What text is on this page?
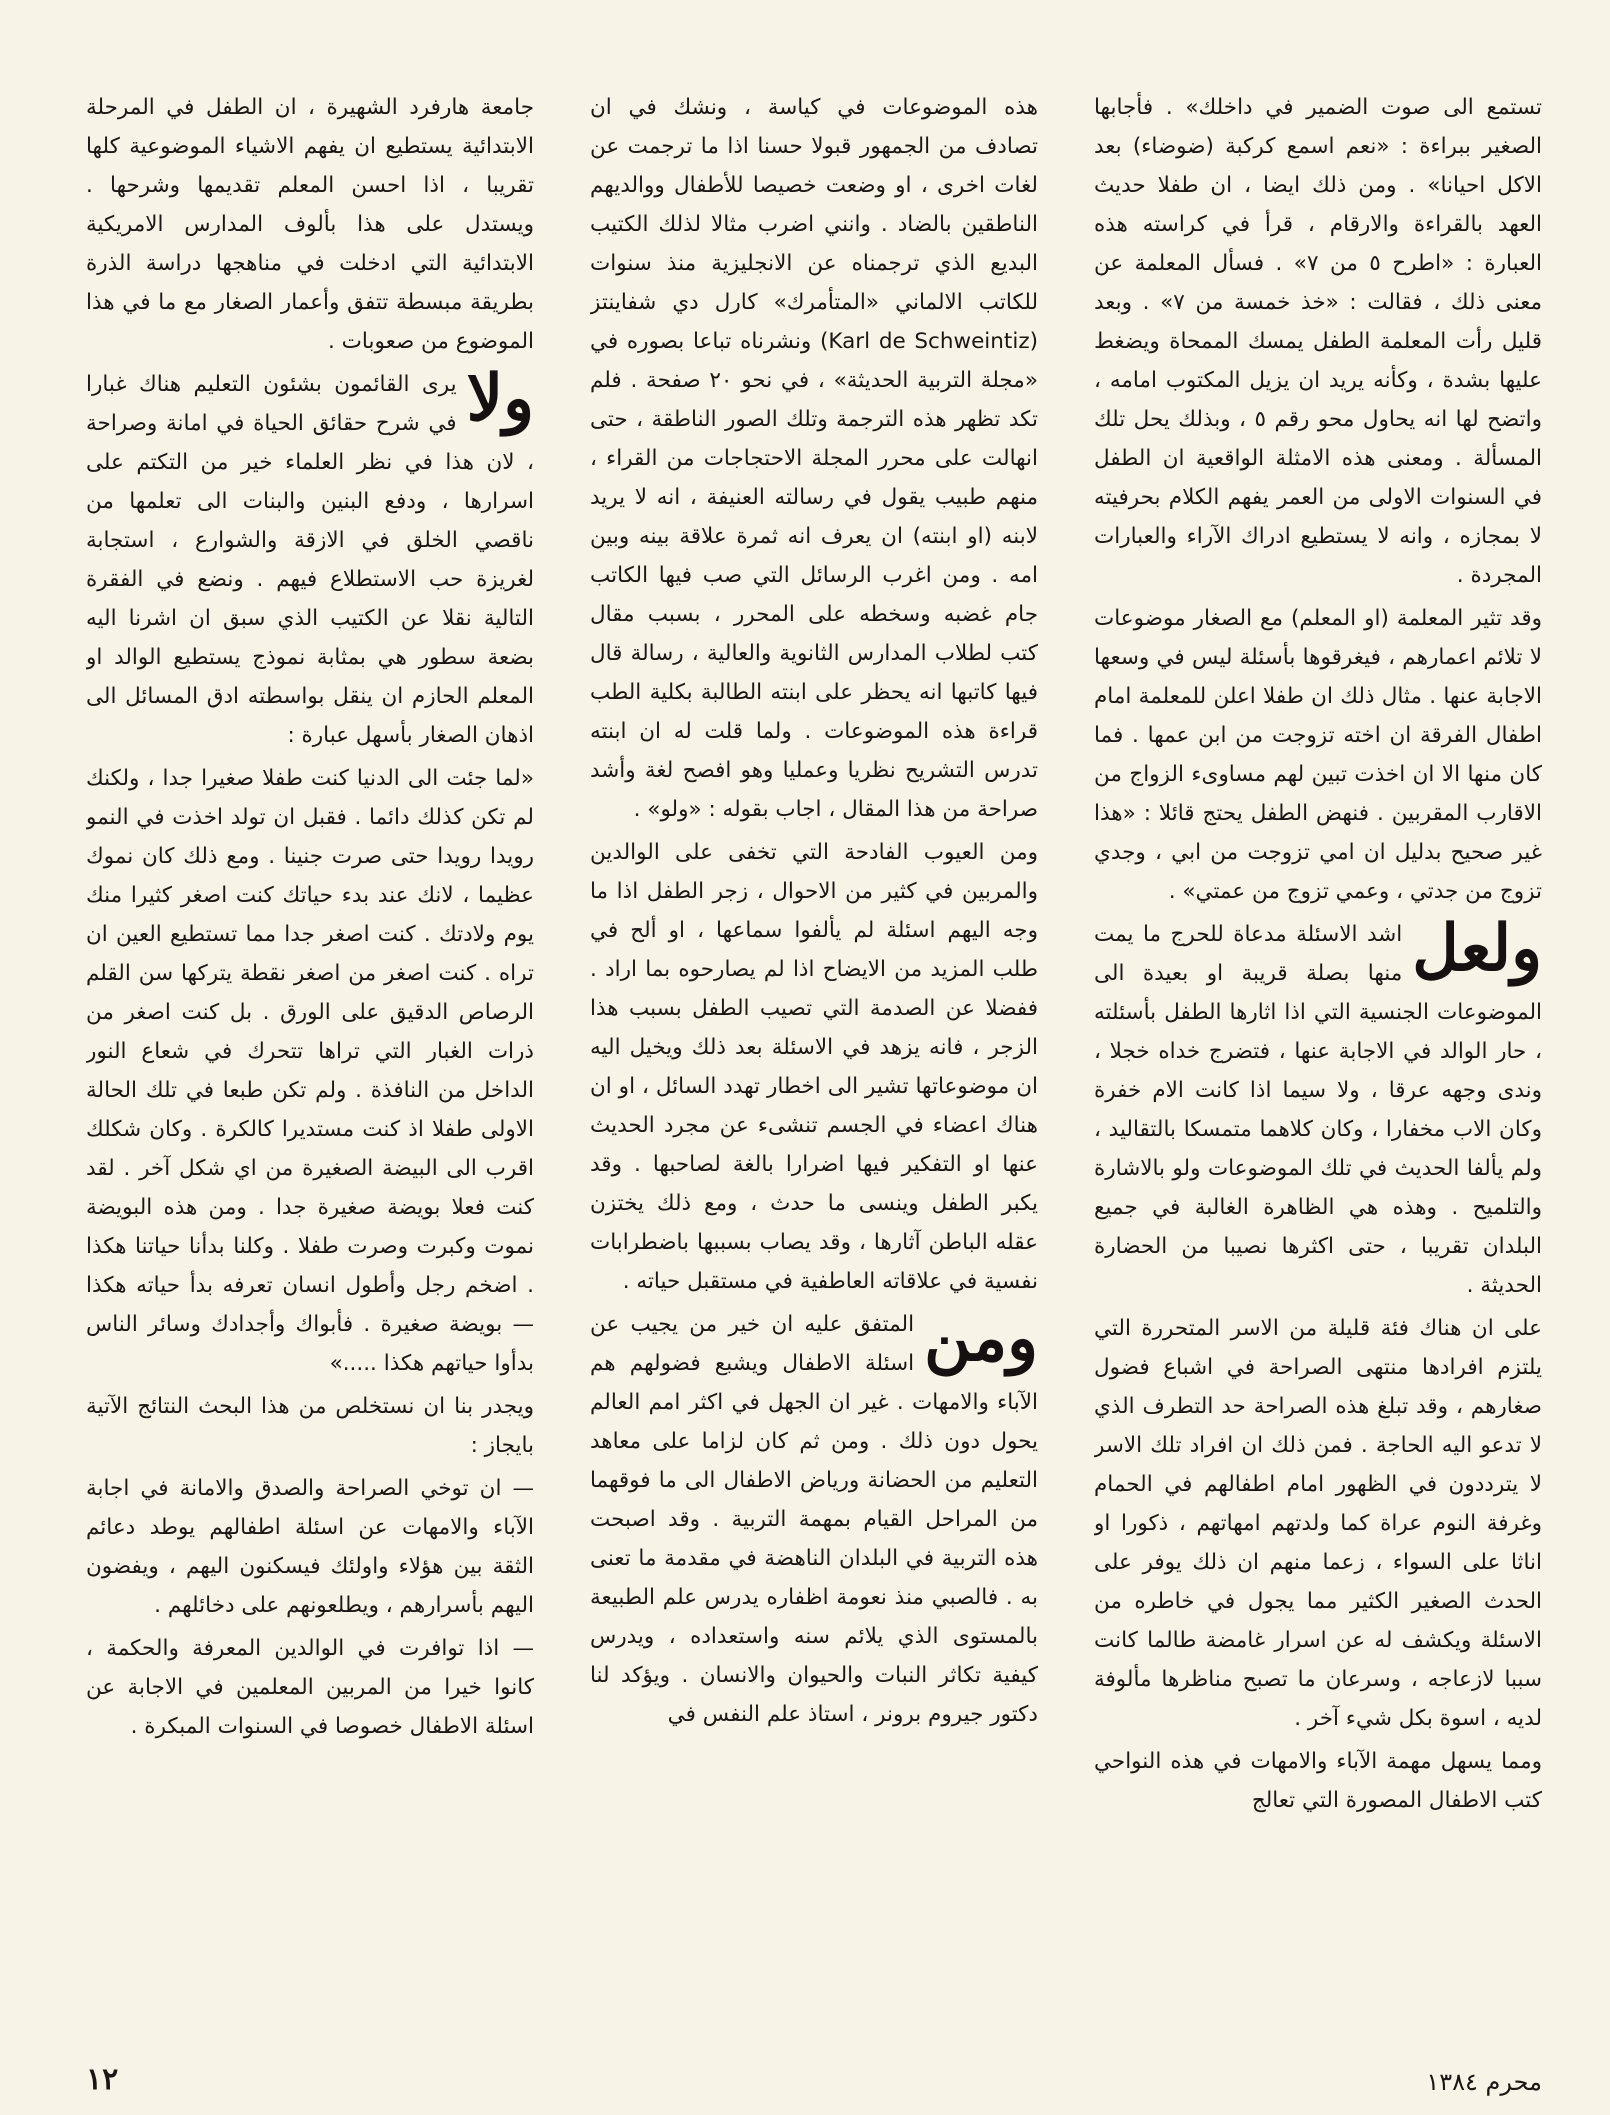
تستمع الى صوت الضمير في داخلك» . فأجابها الصغير ببراءة : «نعم اسمع كركبة (ضوضاء) بعد الاكل احيانا» . ومن ذلك ايضا ، ان طفلا حديث العهد بالقراءة والارقام ، قرأ في كراسته هذه العبارة : «اطرح ٥ من ٧» . فسأل المعلمة عن معنى ذلك ، فقالت : «خذ خمسة من ٧» . وبعد قليل رأت المعلمة الطفل يمسك الممحاة ويضغط عليها بشدة ، وكأنه يريد ان يزيل المكتوب امامه ، واتضح لها انه يحاول محو رقم ٥ ، وبذلك يحل تلك المسألة . ومعنى هذه الامثلة الواقعية ان الطفل في السنوات الاولى من العمر يفهم الكلام بحرفيته لا بمجازه ، وانه لا يستطيع ادراك الآراء والعبارات المجردة .

وقد تثير المعلمة (او المعلم) مع الصغار موضوعات لا تلائم اعمارهم ، فيغرقوها بأسئلة ليس في وسعها الاجابة عنها . مثال ذلك ان طفلا اعلن للمعلمة امام اطفال الفرقة ان اخته تزوجت من ابن عمها . فما كان منها الا ان اخذت تبين لهم مساوىء الزواج من الاقارب المقربين . فنهض الطفل يحتج قائلا : «هذا غير صحيح بدليل ان امي تزوجت من ابي ، وجدي تزوج من جدتي ، وعمي تزوج من عمتي» .

ولعل
اشد الاسئلة مدعاة للحرج ما يمت منها بصلة قريبة او بعيدة الى الموضوعات الجنسية التي اذا اثارها الطفل بأسئلته ، حار الوالد في الاجابة عنها ، فتضرج خداه خجلا ، وندى وجهه عرقا ، ولا سيما اذا كانت الام خفرة وكان الاب مخفارا ، وكان كلاهما متمسكا بالتقاليد ، ولم يألفا الحديث في تلك الموضوعات ولو بالاشارة والتلميح . وهذه هي الظاهرة الغالبة في جميع البلدان تقريبا ، حتى اكثرها نصيبا من الحضارة الحديثة .

على ان هناك فئة قليلة من الاسر المتحررة التي يلتزم افرادها منتهى الصراحة في اشباع فضول صغارهم ، وقد تبلغ هذه الصراحة حد التطرف الذي لا تدعو اليه الحاجة . فمن ذلك ان افراد تلك الاسر لا يترددون في الظهور امام اطفالهم في الحمام وغرفة النوم عراة كما ولدتهم امهاتهم ، ذكورا او اناثا على السواء ، زعما منهم ان ذلك يوفر على الحدث الصغير الكثير مما يجول في خاطره من الاسئلة ويكشف له عن اسرار غامضة طالما كانت سببا لازعاجه ، وسرعان ما تصبح مناظرها مألوفة لديه ، اسوة بكل شيء آخر .

ومما يسهل مهمة الآباء والامهات في هذه النواحي كتب الاطفال المصورة التي تعالج

هذه الموضوعات في كياسة ، ونشك في ان تصادف من الجمهور قبولا حسنا اذا ما ترجمت عن لغات اخرى ، او وضعت خصيصا للأطفال ووالديهم الناطقين بالضاد . وانني اضرب مثالا لذلك الكتيب البديع الذي ترجمناه عن الانجليزية منذ سنوات للكاتب الالماني «المتأمرك» كارل دي شفاينتز (Karl de Schweintiz) ونشرناه تباعا بصوره في «مجلة التربية الحديثة» ، في نحو ٢٠ صفحة . فلم تكد تظهر هذه الترجمة وتلك الصور الناطقة ، حتى انهالت على محرر المجلة الاحتجاجات من القراء ، منهم طبيب يقول في رسالته العنيفة ، انه لا يريد لابنه (او ابنته) ان يعرف انه ثمرة علاقة بينه وبين امه . ومن اغرب الرسائل التي صب فيها الكاتب جام غضبه وسخطه على المحرر ، بسبب مقال كتب لطلاب المدارس الثانوية والعالية ، رسالة قال فيها كاتبها انه يحظر على ابنته الطالبة بكلية الطب قراءة هذه الموضوعات . ولما قلت له ان ابنته تدرس التشريح نظريا وعمليا وهو افصح لغة وأشد صراحة من هذا المقال ، اجاب بقوله : «ولو» .

ومن العيوب الفادحة التي تخفى على الوالدين والمربين في كثير من الاحوال ، زجر الطفل اذا ما وجه اليهم اسئلة لم يألفوا سماعها ، او ألح في طلب المزيد من الايضاح اذا لم يصارحوه بما اراد . ففضلا عن الصدمة التي تصيب الطفل بسبب هذا الزجر ، فانه يزهد في الاسئلة بعد ذلك ويخيل اليه ان موضوعاتها تشير الى اخطار تهدد السائل ، او ان هناك اعضاء في الجسم تنشىء عن مجرد الحديث عنها او التفكير فيها اضرارا بالغة لصاحبها . وقد يكبر الطفل وينسى ما حدث ، ومع ذلك يختزن عقله الباطن آثارها ، وقد يصاب بسببها باضطرابات نفسية في علاقاته العاطفية في مستقبل حياته .

ومن
المتفق عليه ان خير من يجيب عن اسئلة الاطفال ويشبع فضولهم هم الآباء والامهات . غير ان الجهل في اكثر امم العالم يحول دون ذلك . ومن ثم كان لزاما على معاهد التعليم من الحضانة ورياض الاطفال الى ما فوقهما من المراحل القيام بمهمة التربية . وقد اصبحت هذه التربية في البلدان الناهضة في مقدمة ما تعنى به . فالصبي منذ نعومة اظفاره يدرس علم الطبيعة بالمستوى الذي يلائم سنه واستعداده ، ويدرس كيفية تكاثر النبات والحيوان والانسان . ويؤكد لنا دكتور جيروم برونر ، استاذ علم النفس في

جامعة هارفرد الشهيرة ، ان الطفل في المرحلة الابتدائية يستطيع ان يفهم الاشياء الموضوعية كلها تقريبا ، اذا احسن المعلم تقديمها وشرحها . ويستدل على هذا بألوف المدارس الامريكية الابتدائية التي ادخلت في مناهجها دراسة الذرة بطريقة مبسطة تتفق وأعمار الصغار مع ما في هذا الموضوع من صعوبات .

ولا
يرى القائمون بشئون التعليم هناك غبارا في شرح حقائق الحياة في امانة وصراحة ، لان هذا في نظر العلماء خير من التكتم على اسرارها ، ودفع البنين والبنات الى تعلمها من ناقصي الخلق في الازقة والشوارع ، استجابة لغريزة حب الاستطلاع فيهم . ونضع في الفقرة التالية نقلا عن الكتيب الذي سبق ان اشرنا اليه بضعة سطور هي بمثابة نموذج يستطيع الوالد او المعلم الحازم ان ينقل بواسطته ادق المسائل الى اذهان الصغار بأسهل عبارة :

«لما جئت الى الدنيا كنت طفلا صغيرا جدا ، ولكنك لم تكن كذلك دائما . فقبل ان تولد اخذت في النمو رويدا رويدا حتى صرت جنينا . ومع ذلك كان نموك عظيما ، لانك عند بدء حياتك كنت اصغر كثيرا منك يوم ولادتك . كنت اصغر جدا مما تستطيع العين ان تراه . كنت اصغر من اصغر نقطة يتركها سن القلم الرصاص الدقيق على الورق . بل كنت اصغر من ذرات الغبار التي تراها تتحرك في شعاع النور الداخل من النافذة . ولم تكن طبعا في تلك الحالة الاولى طفلا اذ كنت مستديرا كالكرة . وكان شكلك اقرب الى البيضة الصغيرة من اي شكل آخر . لقد كنت فعلا بويضة صغيرة جدا . ومن هذه البويضة نموت وكبرت وصرت طفلا . وكلنا بدأنا حياتنا هكذا . اضخم رجل وأطول انسان تعرفه بدأ حياته هكذا — بويضة صغيرة . فأبواك وأجدادك وسائر الناس بدأوا حياتهم هكذا .....»

ويجدر بنا ان نستخلص من هذا البحث النتائج الآتية بايجاز :

— ان توخي الصراحة والصدق والامانة في اجابة الآباء والامهات عن اسئلة اطفالهم يوطد دعائم الثقة بين هؤلاء واولئك فيسكنون اليهم ، ويفضون اليهم بأسرارهم ، ويطلعونهم على دخائلهم .

— اذا توافرت في الوالدين المعرفة والحكمة ، كانوا خيرا من المربين المعلمين في الاجابة عن اسئلة الاطفال خصوصا في السنوات المبكرة .

١٢	محرم ١٣٨٤
